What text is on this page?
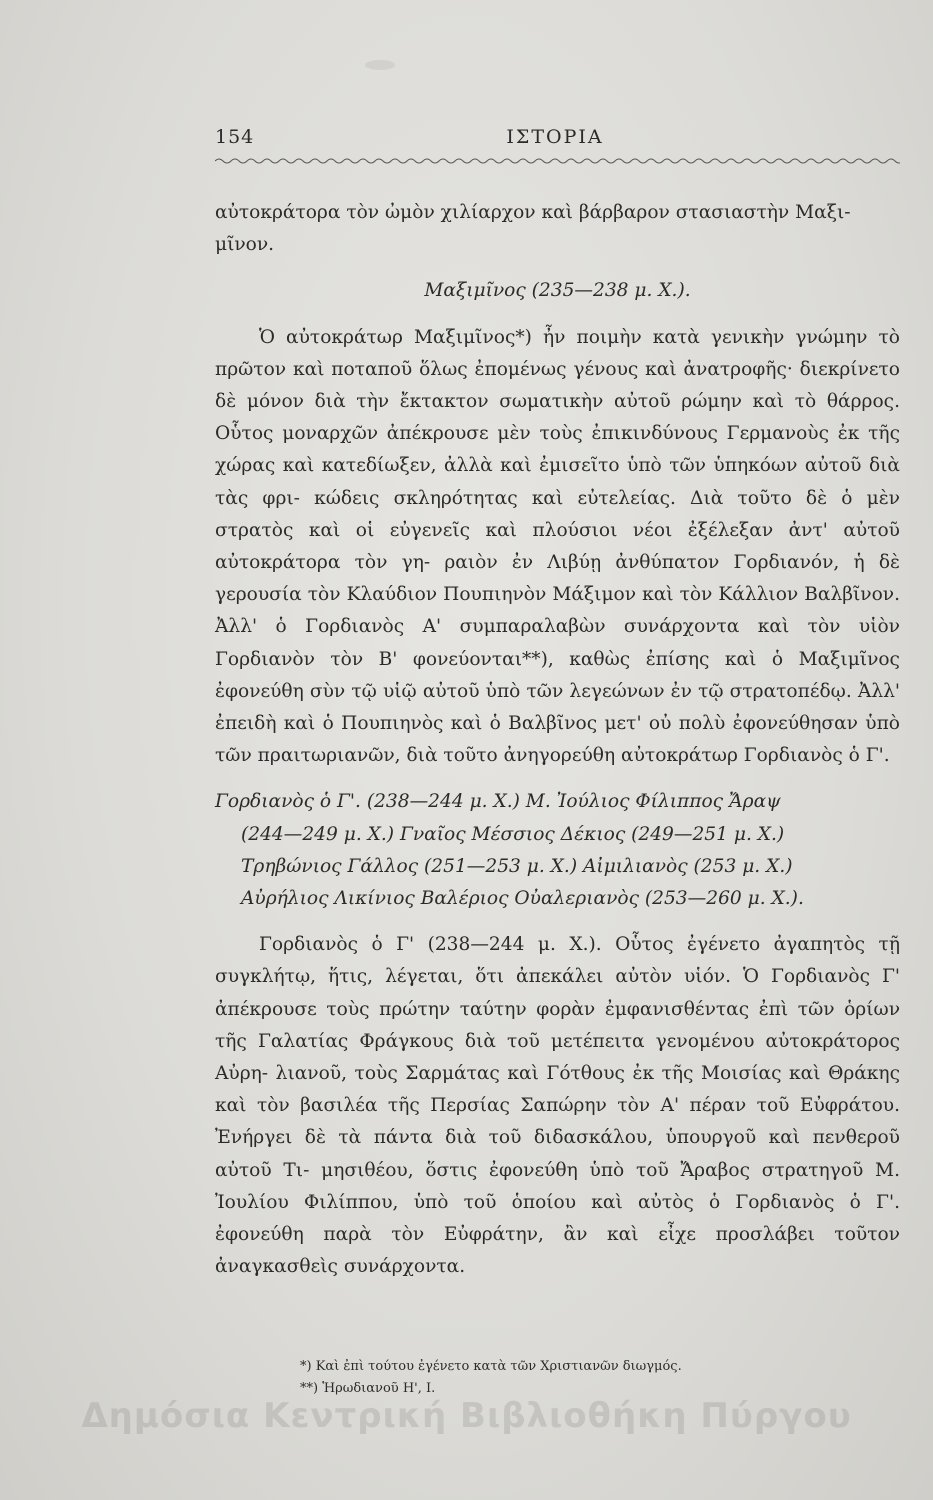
154	ΙΣΤΟΡΙΑ

αὐτοκράτορα τὸν ὠμὸν χιλίαρχον καὶ βάρβαρον στασιαστὴν Μαξι-
μῖνον.

Μαξιμῖνος (235—238 μ. Χ.).

Ὁ αὐτοκράτωρ Μαξιμῖνος*) ἦν ποιμὴν κατὰ γενικὴν γνώμην τὸ πρῶτον καὶ ποταποῦ ὅλως ἐπομένως γένους καὶ ἀνατροφῆς· διεκρίνετο δὲ μόνον διὰ τὴν ἔκτακτον σωματικὴν αὐτοῦ ρώμην καὶ τὸ θάρρος. Οὗτος μοναρχῶν ἀπέκρουσε μὲν τοὺς ἐπικινδύνους Γερμανοὺς ἐκ τῆς χώρας καὶ κατεδίωξεν, ἀλλὰ καὶ ἐμισεῖτο ὑπὸ τῶν ὑπηκόων αὐτοῦ διὰ τὰς φρι- κώδεις σκληρότητας καὶ εὐτελείας. Διὰ τοῦτο δὲ ὁ μὲν στρατὸς καὶ οἱ εὐγενεῖς καὶ πλούσιοι νέοι ἐξέλεξαν ἀντ' αὐτοῦ αὐτοκράτορα τὸν γη- ραιὸν ἐν Λιβύῃ ἀνθύπατον Γορδιανόν, ἡ δὲ γερουσία τὸν Κλαύδιον Πουπιηνὸν Μάξιμον καὶ τὸν Κάλλιον Βαλβῖνον. Ἀλλ' ὁ Γορδιανὸς Α' συμπαραλαβὼν συνάρχοντα καὶ τὸν υἱὸν Γορδιανὸν τὸν Β' φονεύονται**), καθὼς ἐπίσης καὶ ὁ Μαξιμῖνος ἐφονεύθη σὺν τῷ υἱῷ αὐτοῦ ὑπὸ τῶν λεγεώνων ἐν τῷ στρατοπέδῳ. Ἀλλ' ἐπειδὴ καὶ ὁ Πουπιηνὸς καὶ ὁ Βαλβῖνος μετ' οὐ πολὺ ἐφονεύθησαν ὑπὸ τῶν πραιτωριανῶν, διὰ τοῦτο ἀνηγορεύθη αὐτοκράτωρ Γορδιανὸς ὁ Γ'.

Γορδιανὸς ὁ Γ'. (238—244 μ. Χ.) Μ. Ἰούλιος Φίλιππος Ἄραψ
(244—249 μ. Χ.) Γναῖος Μέσσιος Δέκιος (249—251 μ. Χ.)
Τρηβώνιος Γάλλος (251—253 μ. Χ.) Αἰμιλιανὸς (253 μ. Χ.)
Αὐρήλιος Λικίνιος Βαλέριος Οὐαλεριανὸς (253—260 μ. Χ.).

Γορδιανὸς ὁ Γ' (238—244 μ. Χ.). Οὗτος ἐγένετο ἀγαπητὸς τῇ συγκλήτῳ, ἥτις, λέγεται, ὅτι ἀπεκάλει αὐτὸν υἱόν. Ὁ Γορδιανὸς Γ' ἀπέκρουσε τοὺς πρώτην ταύτην φορὰν ἐμφανισθέντας ἐπὶ τῶν ὁρίων τῆς Γαλατίας Φράγκους διὰ τοῦ μετέπειτα γενομένου αὐτοκράτορος Αὐρη- λιανοῦ, τοὺς Σαρμάτας καὶ Γότθους ἐκ τῆς Μοισίας καὶ Θράκης καὶ τὸν βασιλέα τῆς Περσίας Σαπώρην τὸν Α' πέραν τοῦ Εὐφράτου. Ἐνήργει δὲ τὰ πάντα διὰ τοῦ διδασκάλου, ὑπουργοῦ καὶ πενθεροῦ αὐτοῦ Τι- μησιθέου, ὅστις ἐφονεύθη ὑπὸ τοῦ Ἄραβος στρατηγοῦ Μ. Ἰουλίου Φιλίππου, ὑπὸ τοῦ ὁποίου καὶ αὐτὸς ὁ Γορδιανὸς ὁ Γ'. ἐφονεύθη παρὰ τὸν Εὐφράτην, ἂν καὶ εἶχε προσλάβει τοῦτον ἀναγκασθεὶς συνάρχοντα.

*) Καὶ ἐπὶ τούτου ἐγένετο κατὰ τῶν Χριστιανῶν διωγμός.

**) Ἡρωδιανοῦ Η', Ι.

Δημόσια Κεντρική Βιβλιοθήκη Πύργου
